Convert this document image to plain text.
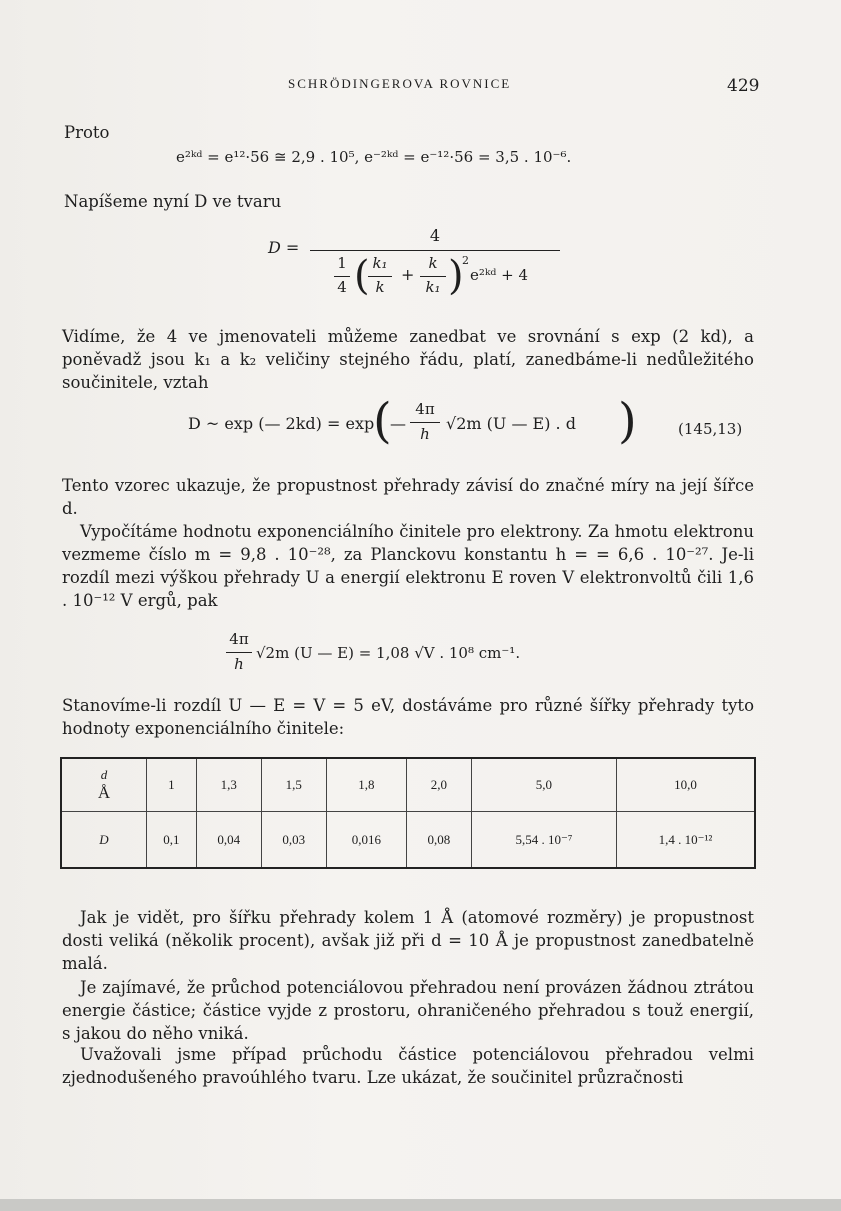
SCHRÖDINGEROVA ROVNICE	429
Proto
e²ᵏᵈ = e¹²·56 ≅ 2,9 . 10⁵, e⁻²ᵏᵈ = e⁻¹²·56 = 3,5 . 10⁻⁶.
Napíšeme nyní D ve tvaru
D =
4
1
4 ( k₁
k
+
k
k₁ )
2
e²ᵏᵈ + 4
Vidíme, že 4 ve jmenovateli můžeme zanedbat ve srovnání s exp (2 kd), a poněvadž jsou k₁ a k₂ veličiny stejného řádu, platí, zanedbáme-li nedůležitého součinitele, vztah
D ~ exp (— 2kd) = exp
(
—
4π
h
√2m (U — E) . d )	(145,13)
Tento vzorec ukazuje, že propustnost přehrady závisí do značné míry na její šířce d.
Vypočítáme hodnotu exponenciálního činitele pro elektrony. Za hmotu elektronu vezmeme číslo m = 9,8 . 10⁻²⁸, za Planckovu konstantu h = = 6,6 . 10⁻²⁷. Je-li rozdíl mezi výškou přehrady U a energií elektronu E roven V elektronvoltů čili 1,6 . 10⁻¹² V ergů, pak
4π
h
√2m (U — E) = 1,08 √V . 10⁸ cm⁻¹.
Stanovíme-li rozdíl U — E = V = 5 eV, dostáváme pro různé šířky přehrady tyto hodnoty exponenciálního činitele:
d
Å	1	1,3	1,5	1,8	2,0	5,0	10,0
D	0,1	0,04	0,03	0,016	0,08	5,54 . 10⁻⁷	1,4 . 10⁻¹²
Jak je vidět, pro šířku přehrady kolem 1 Å (atomové rozměry) je propustnost dosti veliká (několik procent), avšak již při d = 10 Å je propustnost zanedbatelně malá.
Je zajímavé, že průchod potenciálovou přehradou není provázen žádnou ztrátou energie částice; částice vyjde z prostoru, ohraničeného přehradou s touž energií, s jakou do něho vniká.
Uvažovali jsme případ průchodu částice potenciálovou přehradou velmi zjednodušeného pravoúhlého tvaru. Lze ukázat, že součinitel průzračnosti
